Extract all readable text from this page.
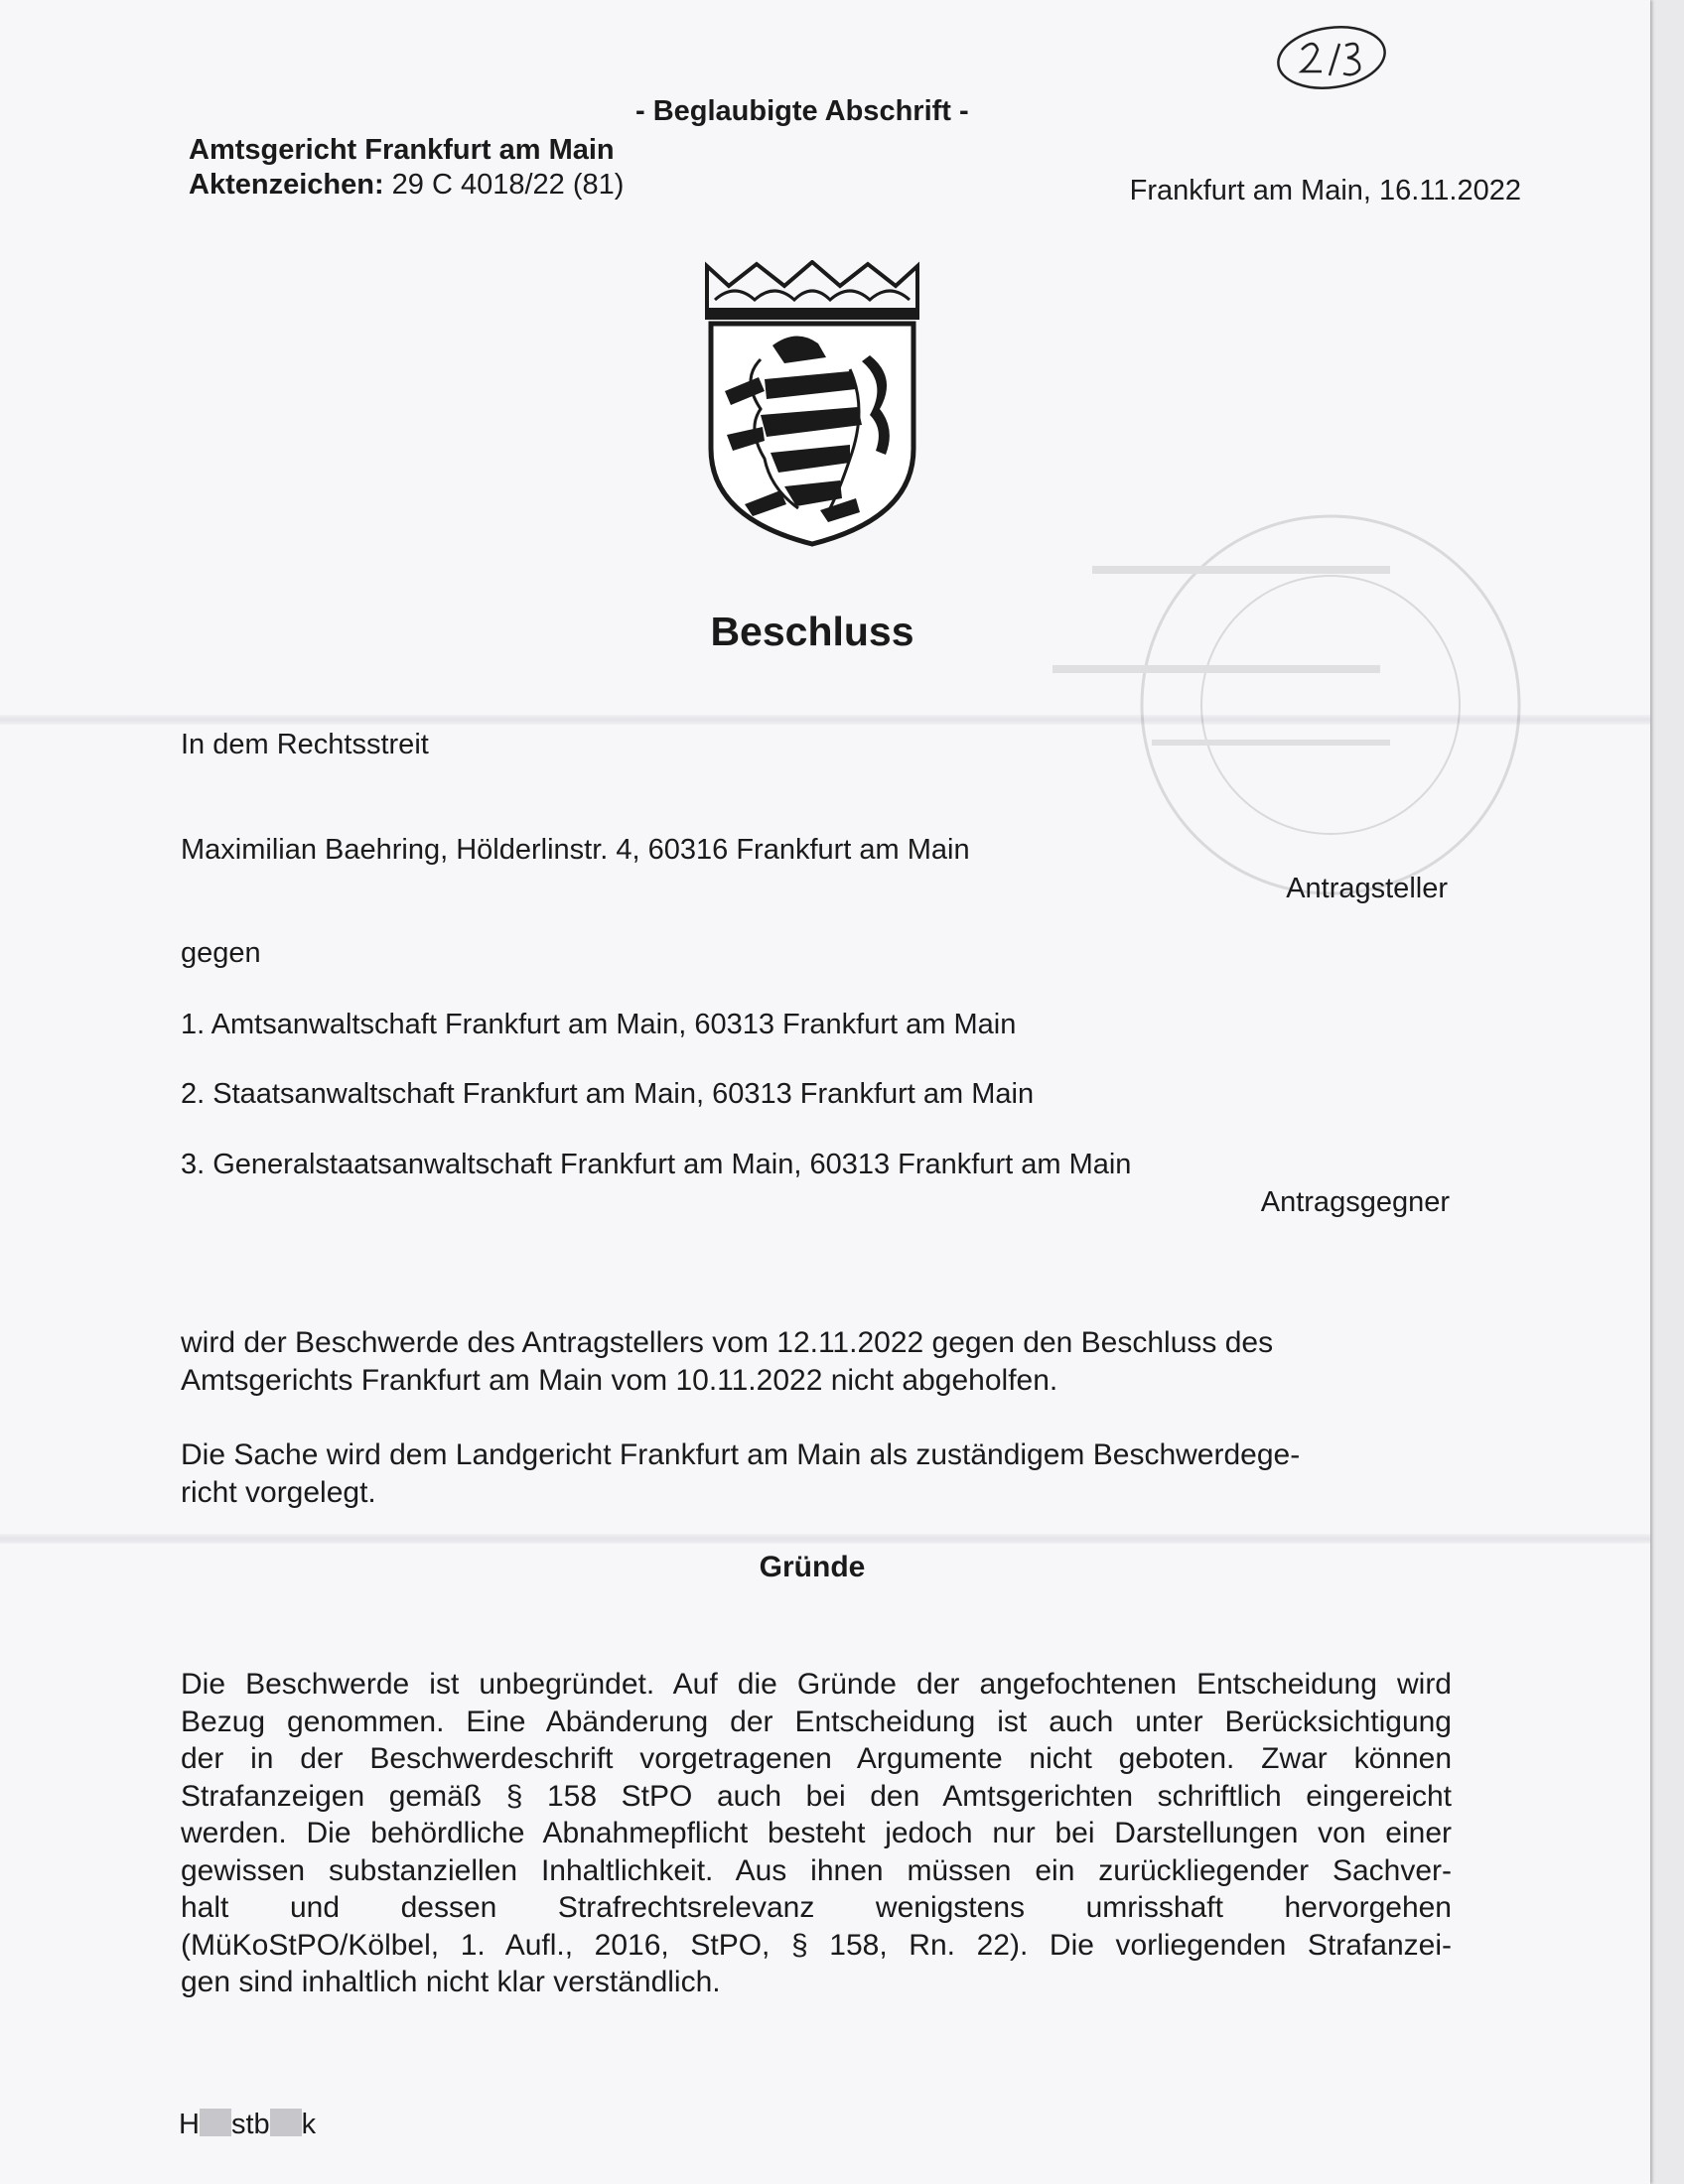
- Beglaubigte Abschrift -
Amtsgericht Frankfurt am Main
Aktenzeichen: 29 C 4018/22 (81)	Frankfurt am Main, 16.11.2022
Beschluss
In dem Rechtsstreit
Maximilian Baehring, Hölderlinstr. 4, 60316 Frankfurt am Main
Antragsteller
gegen
1. Amtsanwaltschaft Frankfurt am Main, 60313 Frankfurt am Main
2. Staatsanwaltschaft Frankfurt am Main, 60313 Frankfurt am Main
3. Generalstaatsanwaltschaft Frankfurt am Main, 60313 Frankfurt am Main
Antragsgegner
wird der Beschwerde des Antragstellers vom 12.11.2022 gegen den Beschluss des
Amtsgerichts Frankfurt am Main vom 10.11.2022 nicht abgeholfen.
Die Sache wird dem Landgericht Frankfurt am Main als zuständigem Beschwerdege-
richt vorgelegt.
Gründe
Die Beschwerde ist unbegründet. Auf die Gründe der angefochtenen Entscheidung wird
Bezug genommen. Eine Abänderung der Entscheidung ist auch unter Berücksichtigung
der in der Beschwerdeschrift vorgetragenen Argumente nicht geboten. Zwar können
Strafanzeigen gemäß § 158 StPO auch bei den Amtsgerichten schriftlich eingereicht
werden. Die behördliche Abnahmepflicht besteht jedoch nur bei Darstellungen von einer
gewissen substanziellen Inhaltlichkeit. Aus ihnen müssen ein zurückliegender Sachver-
halt und dessen Strafrechtsrelevanz wenigstens umrisshaft hervorgehen
(MüKoStPO/Kölbel, 1. Aufl., 2016, StPO, § 158, Rn. 22). Die vorliegenden Strafanzei-
gen sind inhaltlich nicht klar verständlich.
H stb k
